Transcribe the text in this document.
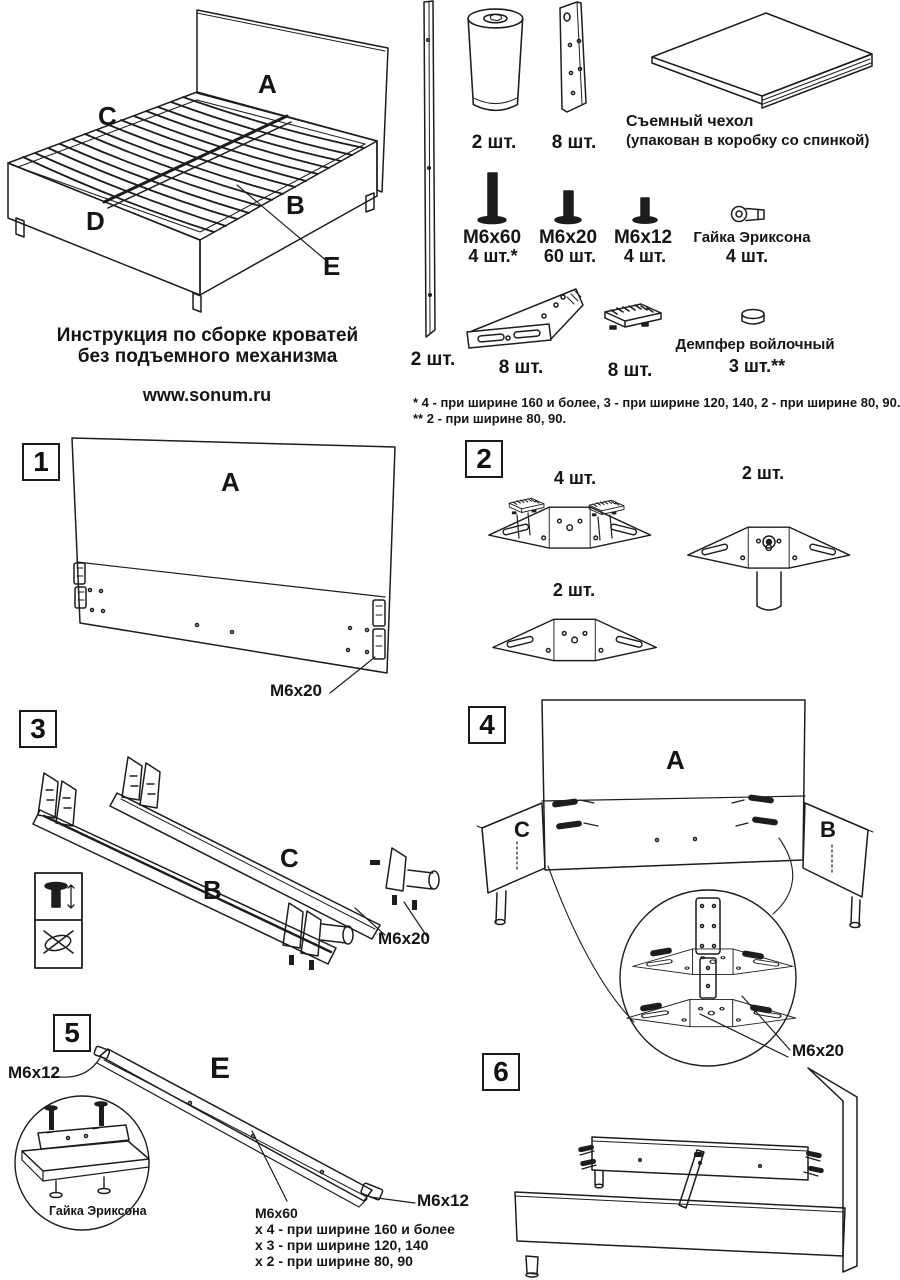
A
C
B
D
E
Инструкция по сборке кроватей
без подъемного механизма
www.sonum.ru
2 шт.
2 шт. 8 шт.
Съемный чехол
(упакован в коробку со спинкой)
M6x60
4 шт.*
M6x20
60 шт.
M6x12
4 шт.
Гайка Эриксона
4 шт.
8 шт.	8 шт.
Демпфер войлочный
3 шт.**
* 4 - при ширине 160 и более, 3 - при ширине 120, 140, 2 - при ширине 80, 90.
** 2 - при ширине 80, 90.
1	2
3	4
5
6
A
M6x20
4 шт.	2 шт.
2 шт.
B
C
M6x20
A
C	B
M6x20
E
M6x12
M6x12
Гайка Эриксона	M6x60
x 4 - при ширине 160 и более
x 3 - при ширине 120, 140
x 2 - при ширине 80, 90
